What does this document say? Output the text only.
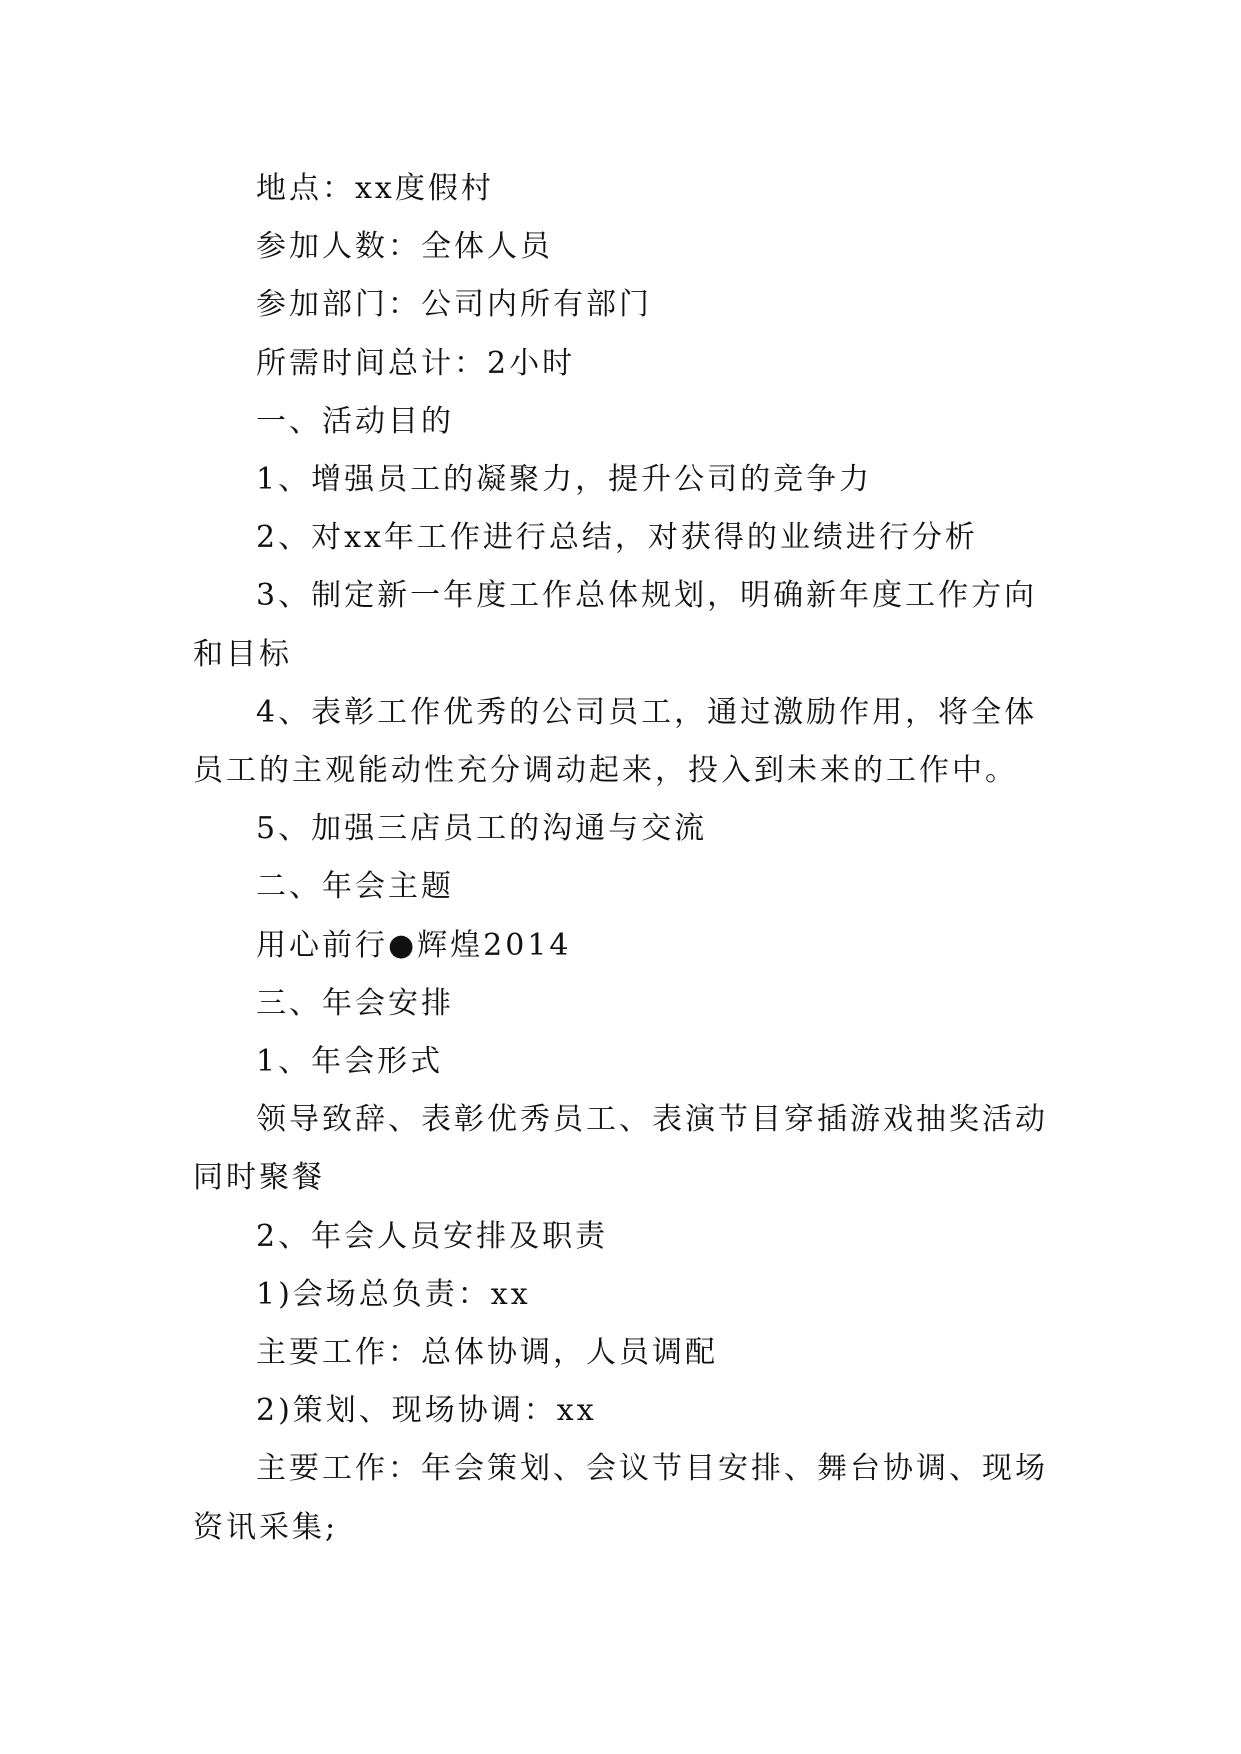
地点：xx度假村

参加人数：全体人员

参加部门：公司内所有部门

所需时间总计：2小时

一、活动目的

1、增强员工的凝聚力，提升公司的竞争力

2、对xx年工作进行总结，对获得的业绩进行分析

3、制定新一年度工作总体规划，明确新年度工作方向和目标

4、表彰工作优秀的公司员工，通过激励作用，将全体员工的主观能动性充分调动起来，投入到未来的工作中。

5、加强三店员工的沟通与交流

二、年会主题

用心前行●辉煌2014

三、年会安排

1、年会形式

领导致辞、表彰优秀员工、表演节目穿插游戏抽奖活动同时聚餐

2、年会人员安排及职责

1)会场总负责：xx

主要工作：总体协调，人员调配

2)策划、现场协调：xx

主要工作：年会策划、会议节目安排、舞台协调、现场资讯采集;
